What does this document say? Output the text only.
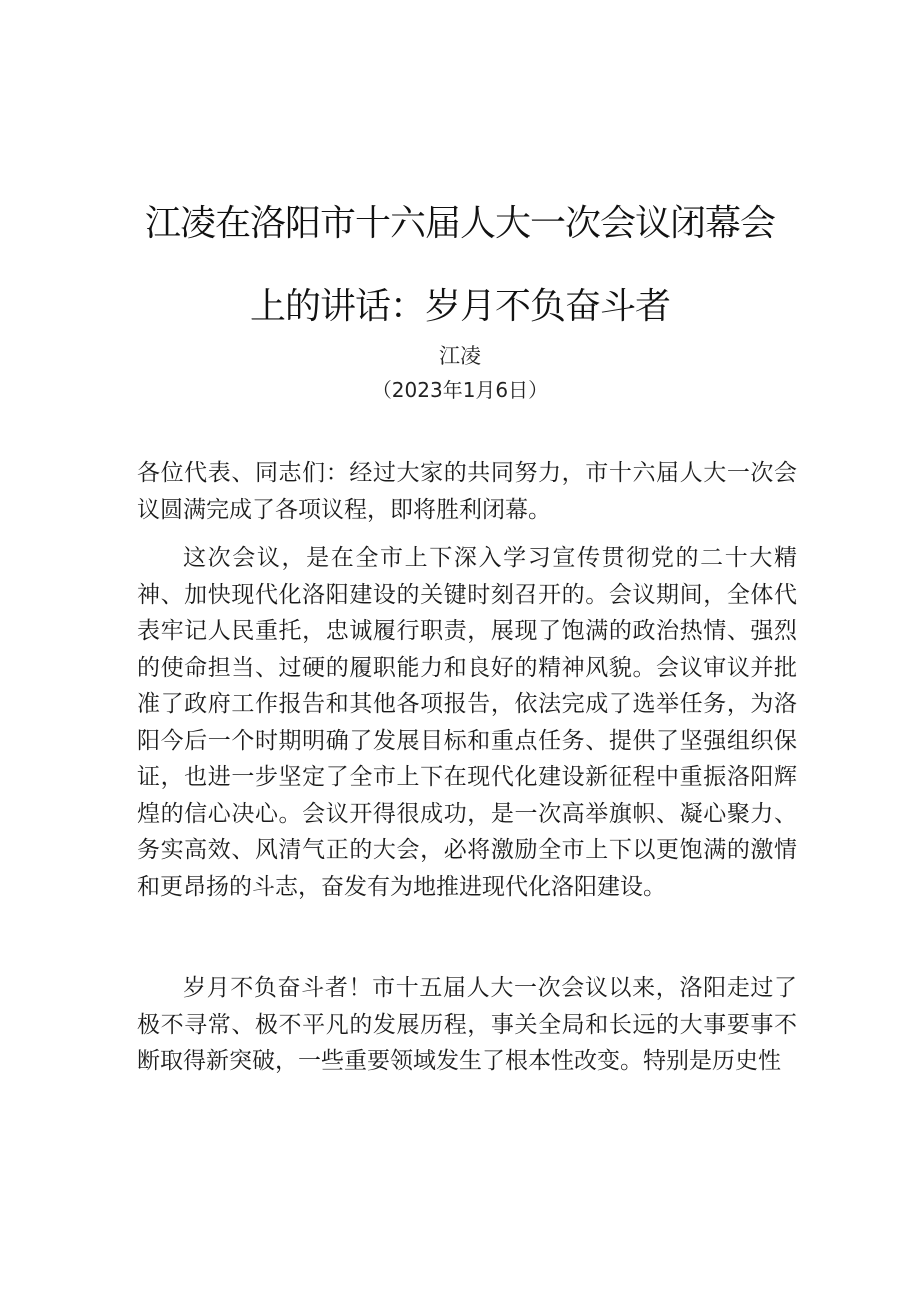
江凌在洛阳市十六届人大一次会议闭幕会
上的讲话：岁月不负奋斗者
江凌
（2023年1月6日）

各位代表、同志们：经过大家的共同努力，市十六届人大一次会议圆满完成了各项议程，即将胜利闭幕。

这次会议，是在全市上下深入学习宣传贯彻党的二十大精神、加快现代化洛阳建设的关键时刻召开的。会议期间，全体代表牢记人民重托，忠诚履行职责，展现了饱满的政治热情、强烈的使命担当、过硬的履职能力和良好的精神风貌。会议审议并批准了政府工作报告和其他各项报告，依法完成了选举任务，为洛阳今后一个时期明确了发展目标和重点任务、提供了坚强组织保证，也进一步坚定了全市上下在现代化建设新征程中重振洛阳辉煌的信心决心。会议开得很成功，是一次高举旗帜、凝心聚力、务实高效、风清气正的大会，必将激励全市上下以更饱满的激情和更昂扬的斗志，奋发有为地推进现代化洛阳建设。

岁月不负奋斗者！市十五届人大一次会议以来，洛阳走过了极不寻常、极不平凡的发展历程，事关全局和长远的大事要事不断取得新突破，一些重要领域发生了根本性改变。特别是历史性
